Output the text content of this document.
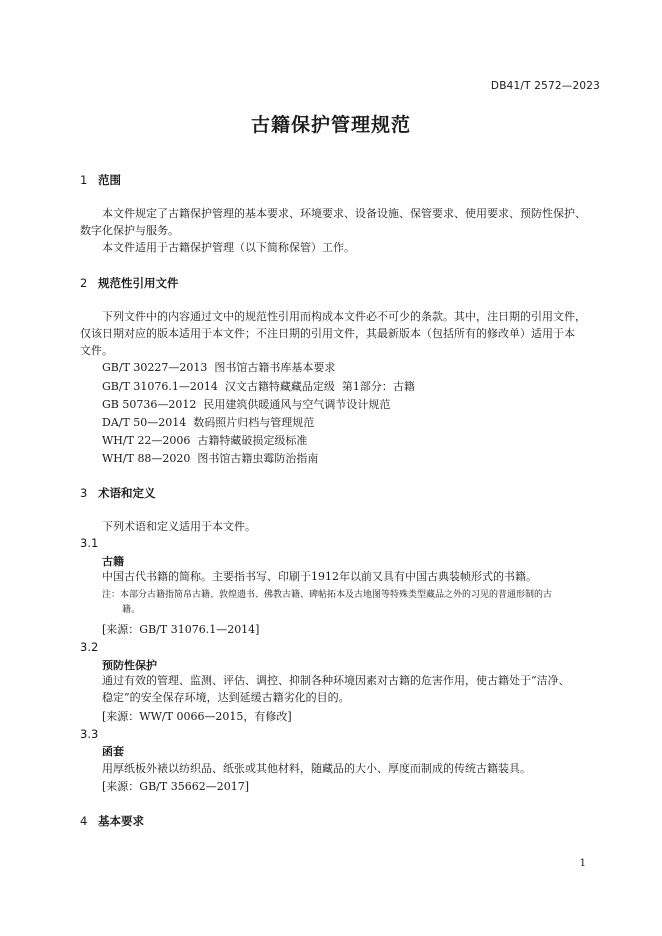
DB41/T 2572—2023
古籍保护管理规范
1 范围
本文件规定了古籍保护管理的基本要求、环境要求、设备设施、保管要求、使用要求、预防性保护、
数字化保护与服务。
本文件适用于古籍保护管理（以下简称保管）工作。
2 规范性引用文件
下列文件中的内容通过文中的规范性引用而构成本文件必不可少的条款。其中，注日期的引用文件，
仅该日期对应的版本适用于本文件；不注日期的引用文件，其最新版本（包括所有的修改单）适用于本
文件。
GB/T 30227—2013  图书馆古籍书库基本要求
GB/T 31076.1—2014  汉文古籍特藏藏品定级  第1部分：古籍
GB 50736—2012  民用建筑供暖通风与空气调节设计规范
DA/T 50—2014  数码照片归档与管理规范
WH/T 22—2006  古籍特藏破损定级标准
WH/T 88—2020  图书馆古籍虫霉防治指南
3 术语和定义
下列术语和定义适用于本文件。
3.1
古籍
中国古代书籍的简称。主要指书写、印刷于1912年以前又具有中国古典装帧形式的书籍。
注：本部分古籍指简帛古籍、敦煌遗书、佛教古籍、碑帖拓本及古地图等特殊类型藏品之外的习见的普通形制的古
籍。
[来源：GB/T 31076.1—2014]
3.2
预防性保护
通过有效的管理、监测、评估、调控、抑制各种环境因素对古籍的危害作用，使古籍处于“洁净、
稳定”的安全保存环境，达到延缓古籍劣化的目的。
[来源：WW/T 0066—2015，有修改]
3.3
函套
用厚纸板外裱以纺织品、纸张或其他材料，随藏品的大小、厚度而制成的传统古籍装具。
[来源：GB/T 35662—2017]
4 基本要求
1
